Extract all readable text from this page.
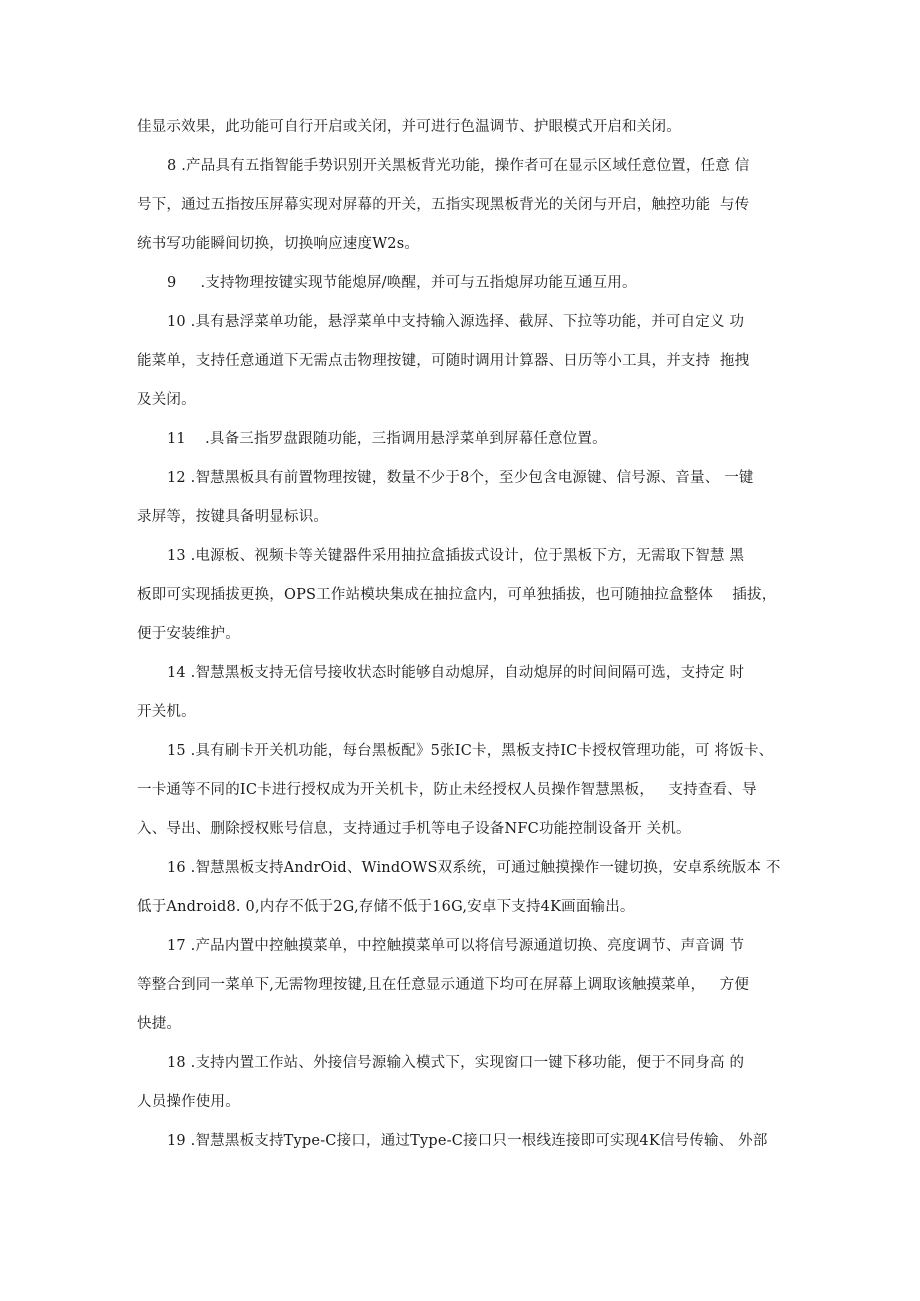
佳显示效果，此功能可自行开启或关闭，并可进行色温调节、护眼模式开启和关闭。

8 .产品具有五指智能手势识别开关黑板背光功能，操作者可在显示区域任意位置，任意 信
号下，通过五指按压屏幕实现对屏幕的开关，五指实现黑板背光的关闭与开启，触控功能  与传
统书写功能瞬间切换，切换响应速度W2s。

9     .支持物理按键实现节能熄屏/唤醒，并可与五指熄屏功能互通互用。

10 .具有悬浮菜单功能，悬浮菜单中支持输入源选择、截屏、下拉等功能，并可自定义 功
能菜单，支持任意通道下无需点击物理按键，可随时调用计算器、日历等小工具，并支持  拖拽
及关闭。

11    .具备三指罗盘跟随功能，三指调用悬浮菜单到屏幕任意位置。

12 .智慧黑板具有前置物理按键，数量不少于8个，至少包含电源键、信号源、音量、 一键
录屏等，按键具备明显标识。

13 .电源板、视频卡等关键器件采用抽拉盒插拔式设计，位于黑板下方，无需取下智慧 黑
板即可实现插拔更换，OPS工作站模块集成在抽拉盒内，可单独插拔，也可随抽拉盒整体    插拔，
便于安装维护。

14 .智慧黑板支持无信号接收状态时能够自动熄屏，自动熄屏的时间间隔可选，支持定 时
开关机。

15 .具有刷卡开关机功能，每台黑板配》5张IC卡，黑板支持IC卡授权管理功能，可 将饭卡、
一卡通等不同的IC卡进行授权成为开关机卡，防止未经授权人员操作智慧黑板，   支持查看、导
入、导出、删除授权账号信息，支持通过手机等电子设备NFC功能控制设备开 关机。

16 .智慧黑板支持AndrOid、WindOWS双系统，可通过触摸操作一键切换，安卓系统版本 不
低于Android8. 0,内存不低于2G,存储不低于16G,安卓下支持4K画面输出。

17 .产品内置中控触摸菜单，中控触摸菜单可以将信号源通道切换、亮度调节、声音调 节
等整合到同一菜单下,无需物理按键,且在任意显示通道下均可在屏幕上调取该触摸菜单，   方便
快捷。

18 .支持内置工作站、外接信号源输入模式下，实现窗口一键下移功能，便于不同身高 的
人员操作使用。

19 .智慧黑板支持Type-C接口，通过Type-C接口只一根线连接即可实现4K信号传输、 外部
